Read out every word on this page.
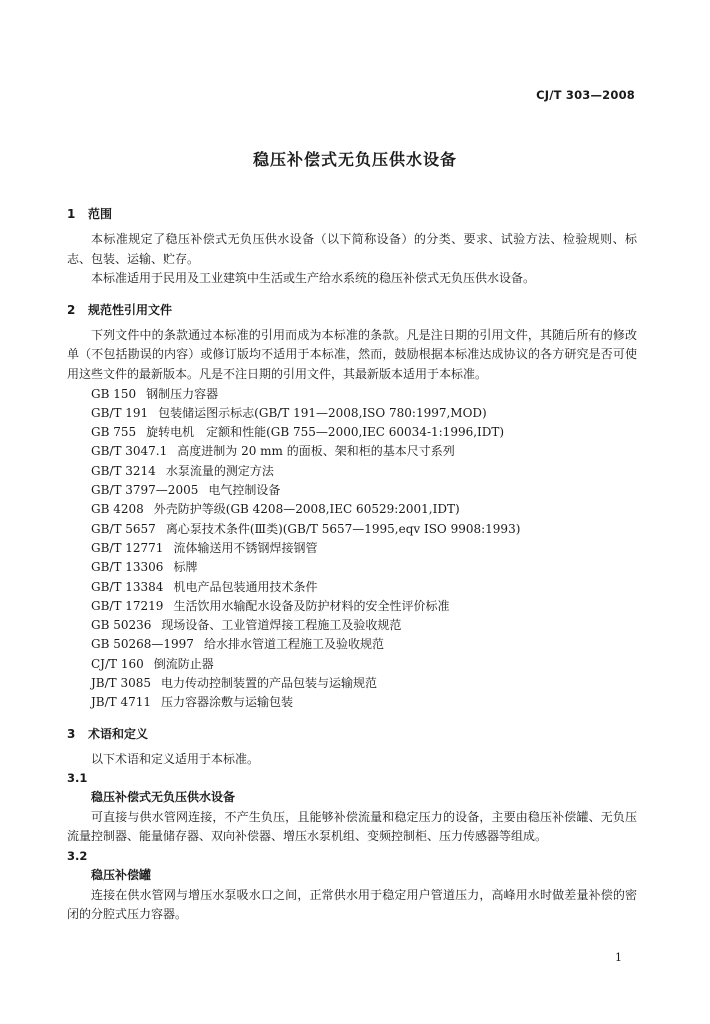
CJ/T 303—2008
稳压补偿式无负压供水设备

1 范围

本标准规定了稳压补偿式无负压供水设备（以下简称设备）的分类、要求、试验方法、检验规则、标志、包装、运输、贮存。

本标准适用于民用及工业建筑中生活或生产给水系统的稳压补偿式无负压供水设备。

2 规范性引用文件

下列文件中的条款通过本标准的引用而成为本标准的条款。凡是注日期的引用文件，其随后所有的修改单（不包括勘误的内容）或修订版均不适用于本标准，然而，鼓励根据本标准达成协议的各方研究是否可使用这些文件的最新版本。凡是不注日期的引用文件，其最新版本适用于本标准。

GB 150 钢制压力容器
GB/T 191 包装储运图示标志(GB/T 191—2008,ISO 780:1997,MOD)
GB 755 旋转电机　定额和性能(GB 755—2000,IEC 60034-1:1996,IDT)
GB/T 3047.1 高度进制为 20 mm 的面板、架和柜的基本尺寸系列
GB/T 3214 水泵流量的测定方法
GB/T 3797—2005 电气控制设备
GB 4208 外壳防护等级(GB 4208—2008,IEC 60529:2001,IDT)
GB/T 5657 离心泵技术条件(Ⅲ类)(GB/T 5657—1995,eqv ISO 9908:1993)
GB/T 12771 流体输送用不锈钢焊接钢管
GB/T 13306 标牌
GB/T 13384 机电产品包装通用技术条件
GB/T 17219 生活饮用水输配水设备及防护材料的安全性评价标准
GB 50236 现场设备、工业管道焊接工程施工及验收规范
GB 50268—1997 给水排水管道工程施工及验收规范
CJ/T 160 倒流防止器
JB/T 3085 电力传动控制装置的产品包装与运输规范
JB/T 4711 压力容器涂敷与运输包装

3 术语和定义

以下术语和定义适用于本标准。

3.1

稳压补偿式无负压供水设备

可直接与供水管网连接，不产生负压，且能够补偿流量和稳定压力的设备，主要由稳压补偿罐、无负压流量控制器、能量储存器、双向补偿器、增压水泵机组、变频控制柜、压力传感器等组成。

3.2

稳压补偿罐

连接在供水管网与增压水泵吸水口之间，正常供水用于稳定用户管道压力，高峰用水时做差量补偿的密闭的分腔式压力容器。

1
